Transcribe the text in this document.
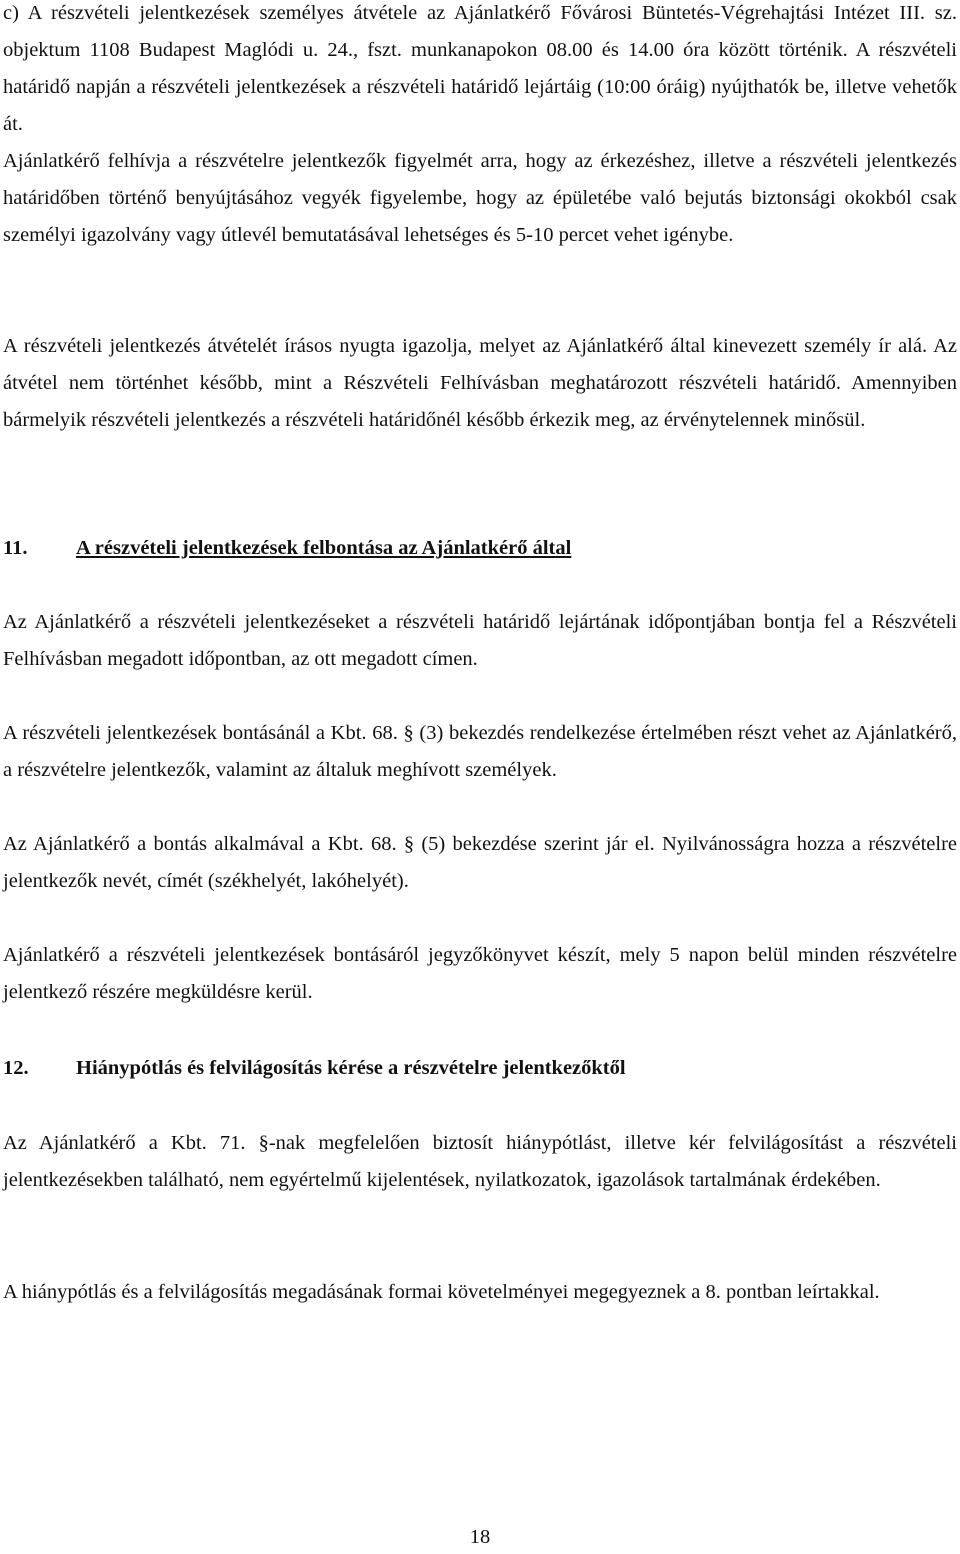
c) A részvételi jelentkezések személyes átvétele az Ajánlatkérő Fővárosi Büntetés-Végrehajtási Intézet III. sz. objektum 1108 Budapest Maglódi u. 24., fszt. munkanapokon 08.00 és 14.00 óra között történik. A részvételi határidő napján a részvételi jelentkezések a részvételi határidő lejártáig (10:00 óráig) nyújthatók be, illetve vehetők át.

Ajánlatkérő felhívja a részvételre jelentkezők figyelmét arra, hogy az érkezéshez, illetve a részvételi jelentkezés határidőben történő benyújtásához vegyék figyelembe, hogy az épületébe való bejutás biztonsági okokból csak személyi igazolvány vagy útlevél bemutatásával lehetséges és 5-10 percet vehet igénybe.

A részvételi jelentkezés átvételét írásos nyugta igazolja, melyet az Ajánlatkérő által kinevezett személy ír alá. Az átvétel nem történhet később, mint a Részvételi Felhívásban meghatározott részvételi határidő. Amennyiben bármelyik részvételi jelentkezés a részvételi határidőnél később érkezik meg, az érvénytelennek minősül.

11. A részvételi jelentkezések felbontása az Ajánlatkérő által

Az Ajánlatkérő a részvételi jelentkezéseket a részvételi határidő lejártának időpontjában bontja fel a Részvételi Felhívásban megadott időpontban, az ott megadott címen.

A részvételi jelentkezések bontásánál a Kbt. 68. § (3) bekezdés rendelkezése értelmében részt vehet az Ajánlatkérő, a részvételre jelentkezők, valamint az általuk meghívott személyek.

Az Ajánlatkérő a bontás alkalmával a Kbt. 68. § (5) bekezdése szerint jár el. Nyilvánosságra hozza a részvételre jelentkezők nevét, címét (székhelyét, lakóhelyét).

Ajánlatkérő a részvételi jelentkezések bontásáról jegyzőkönyvet készít, mely 5 napon belül minden részvételre jelentkező részére megküldésre kerül.

12. Hiánypótlás és felvilágosítás kérése a részvételre jelentkezőktől

Az Ajánlatkérő a Kbt. 71. §-nak megfelelően biztosít hiánypótlást, illetve kér felvilágosítást a részvételi jelentkezésekben található, nem egyértelmű kijelentések, nyilatkozatok, igazolások tartalmának érdekében.

A hiánypótlás és a felvilágosítás megadásának formai követelményei megegyeznek a 8. pontban leírtakkal.

18
